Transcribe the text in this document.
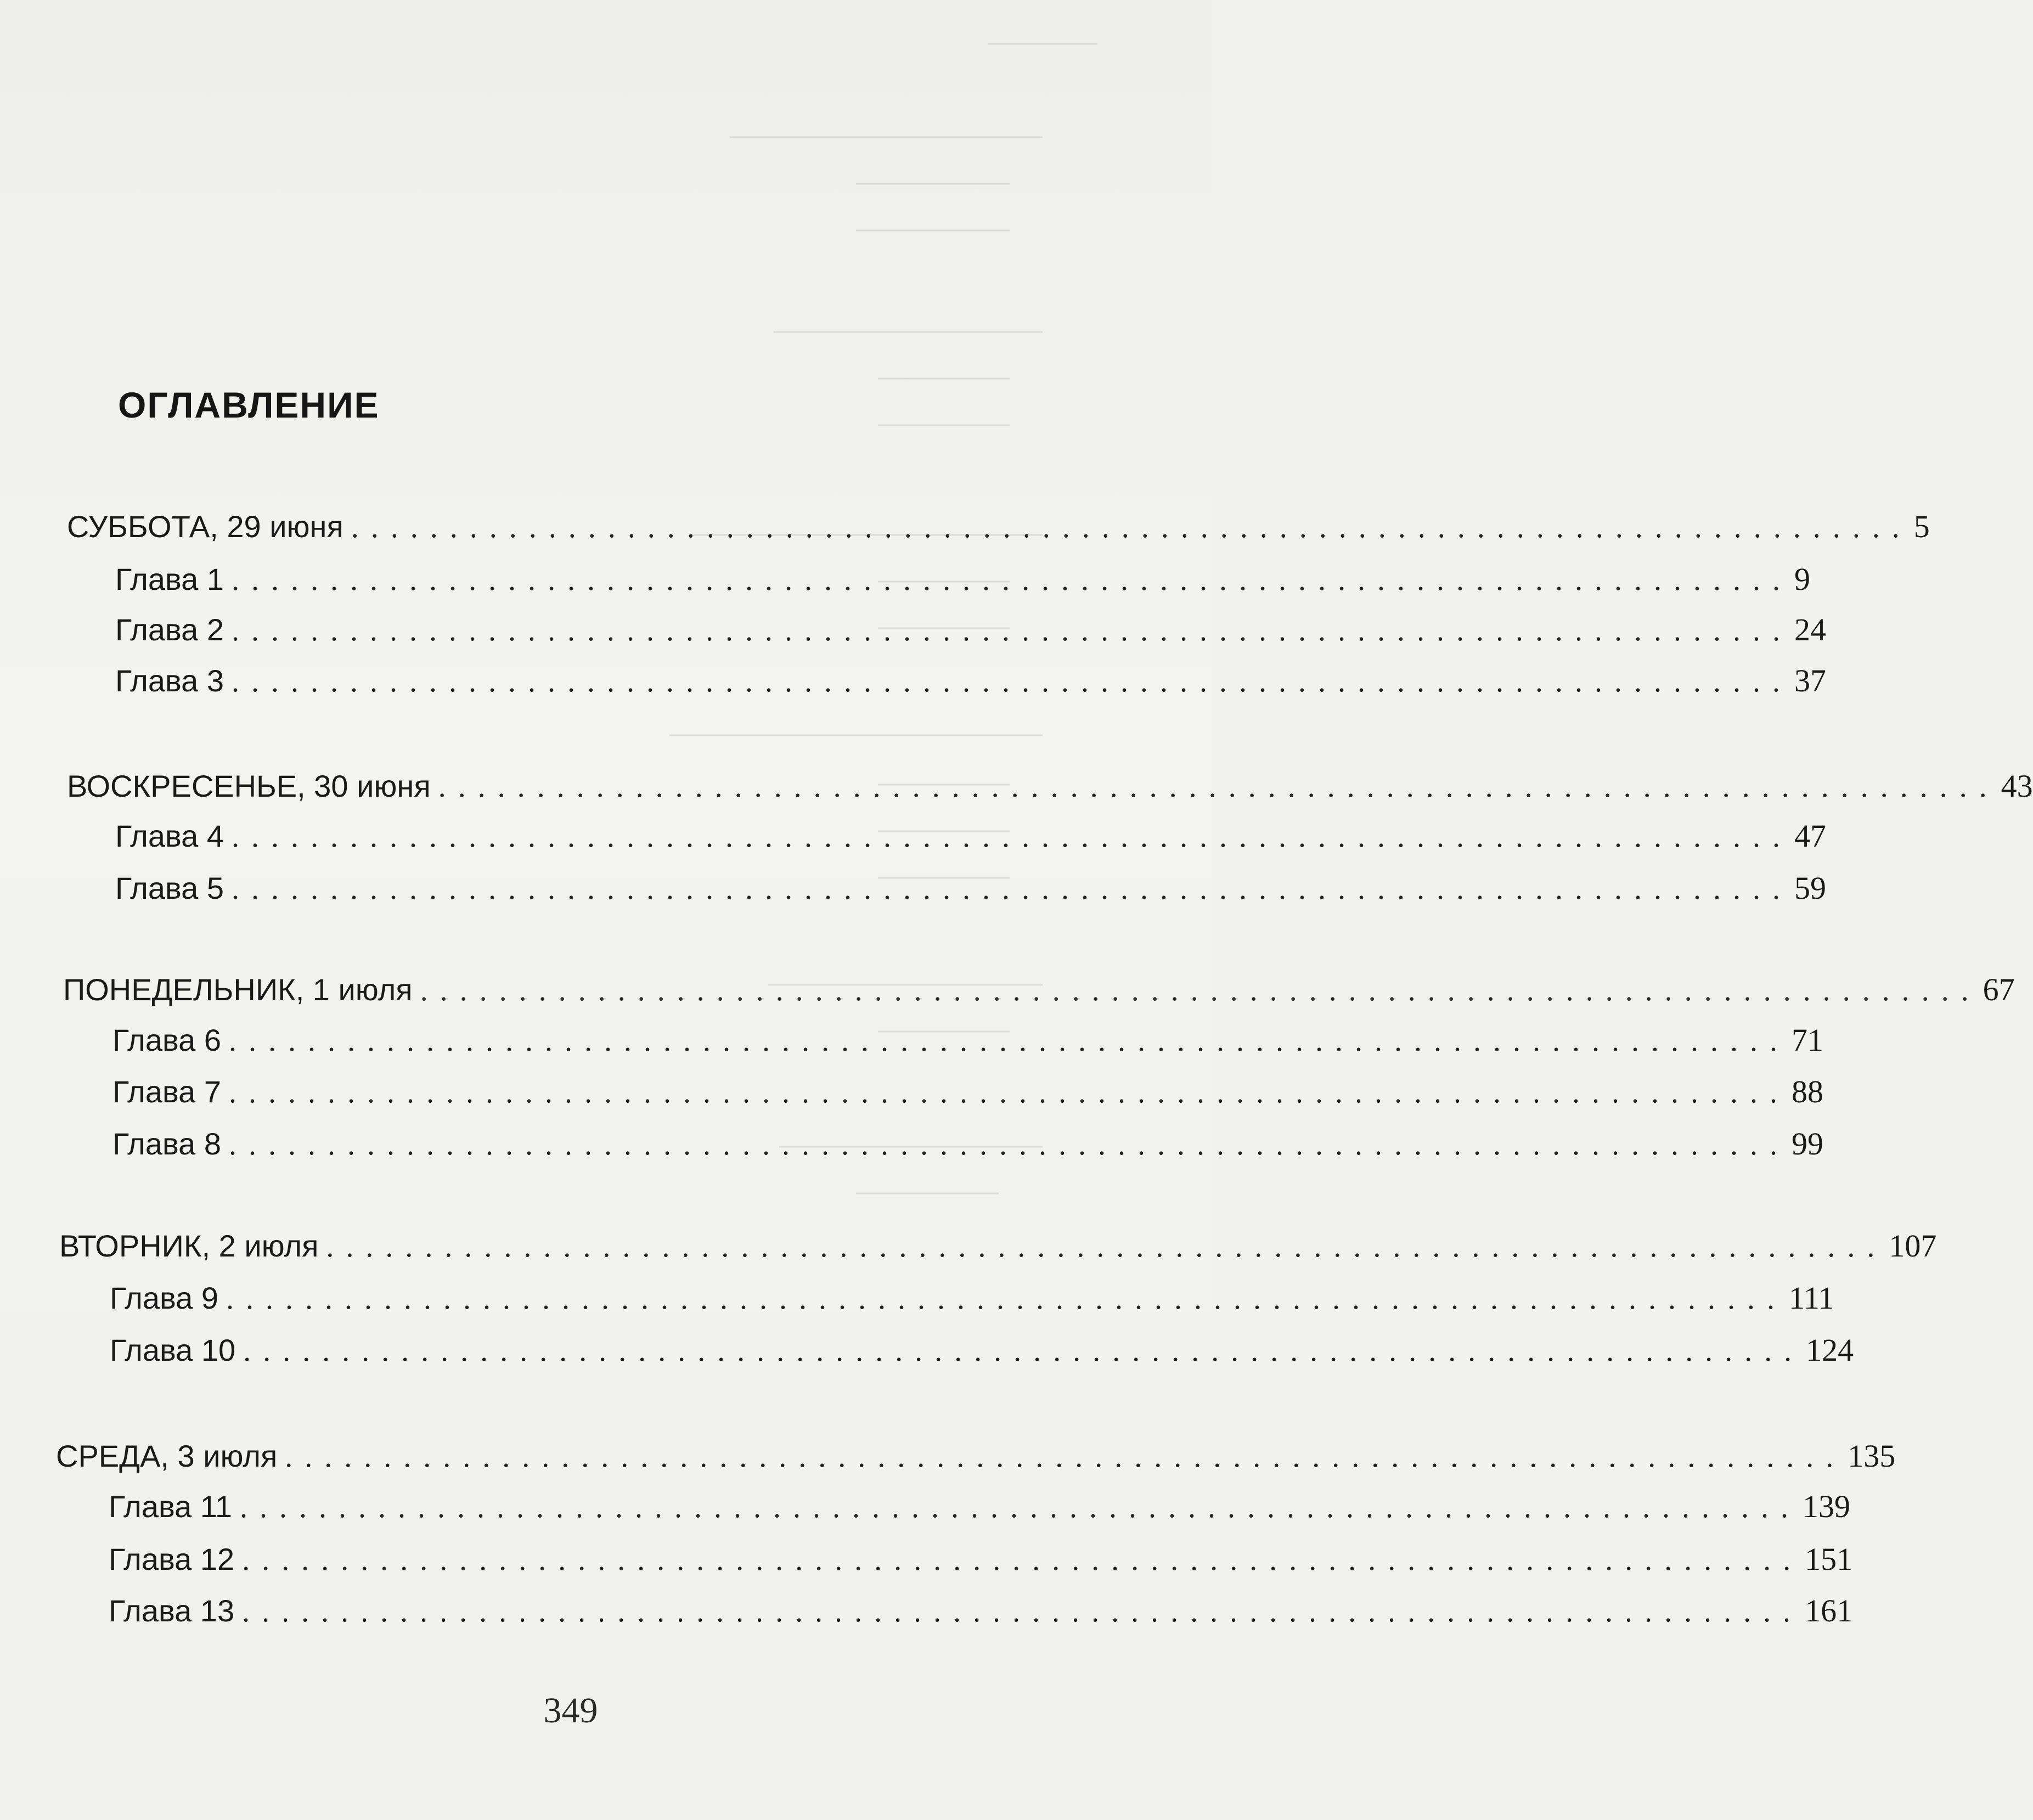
ОГЛАВЛЕНИЕ
СУББОТА, 29 июня ............................................................................... 5
Глава 1 ............................................................................... 9
Глава 2 ............................................................................... 24
Глава 3 ............................................................................... 37
ВОСКРЕСЕНЬЕ, 30 июня ............................................................................... 43
Глава 4 ............................................................................... 47
Глава 5 ............................................................................... 59
ПОНЕДЕЛЬНИК, 1 июля ............................................................................... 67
Глава 6 ............................................................................... 71
Глава 7 ............................................................................... 88
Глава 8 ............................................................................... 99
ВТОРНИК, 2 июля ............................................................................... 107
Глава 9 ............................................................................... 111
Глава 10 ............................................................................... 124
СРЕДА, 3 июля ............................................................................... 135
Глава 11 ............................................................................... 139
Глава 12 ............................................................................... 151
Глава 13 ............................................................................... 161
349
